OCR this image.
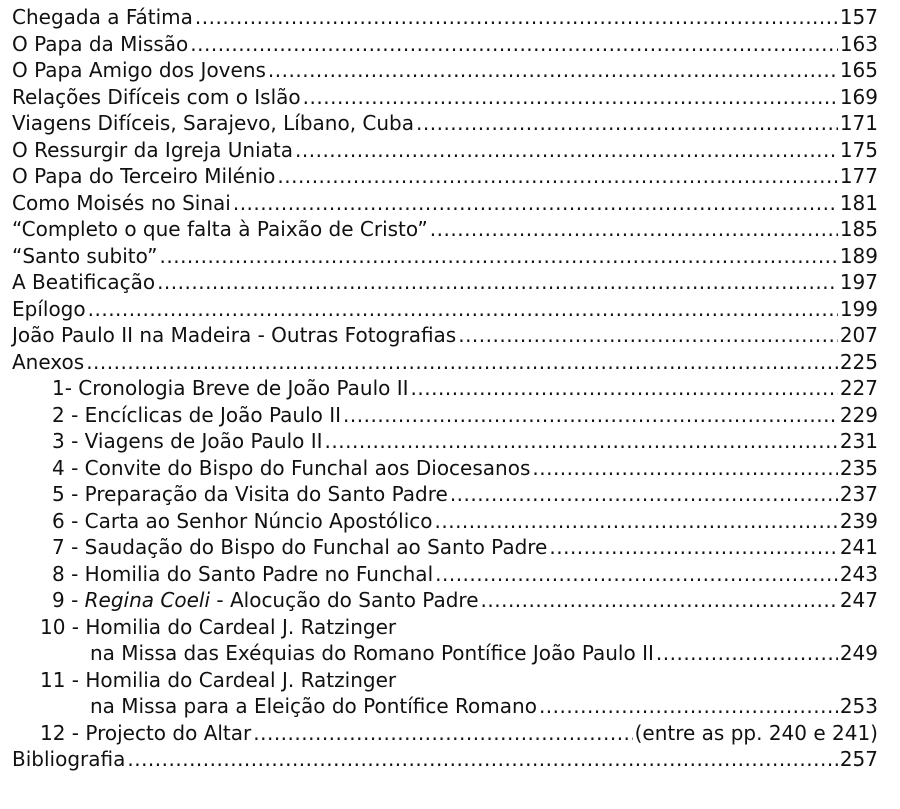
Chegada a Fátima .....	157
O Papa da Missão .....	163
O Papa Amigo dos Jovens .....	165
Relações Difíceis com o Islão .....	169
Viagens Difíceis, Sarajevo, Líbano, Cuba .....	171
O Ressurgir da Igreja Uniata .....	175
O Papa do Terceiro Milénio .....	177
Como Moisés no Sinai .....	181
“Completo o que falta à Paixão de Cristo” .....	185
“Santo subito” .....	189
A Beatificação .....	197
Epílogo .....	199
João Paulo II na Madeira - Outras Fotografias .....	207
Anexos .....	225
1- Cronologia Breve de João Paulo II .....	227
2 - Encíclicas de João Paulo II .....	229
3 - Viagens de João Paulo II .....	231
4 - Convite do Bispo do Funchal aos Diocesanos .....	235
5 - Preparação da Visita do Santo Padre .....	237
6 - Carta ao Senhor Núncio Apostólico .....	239
7 - Saudação do Bispo do Funchal ao Santo Padre .....	241
8 - Homilia do Santo Padre no Funchal .....	243
9 - Regina Coeli - Alocução do Santo Padre .....	247
10 - Homilia do Cardeal J. Ratzinger
na Missa das Exéquias do Romano Pontífice João Paulo II .....	249
11 - Homilia do Cardeal J. Ratzinger
na Missa para a Eleição do Pontífice Romano .....	253
12 - Projecto do Altar .....	(entre as pp. 240 e 241)
Bibliografia .....	257
